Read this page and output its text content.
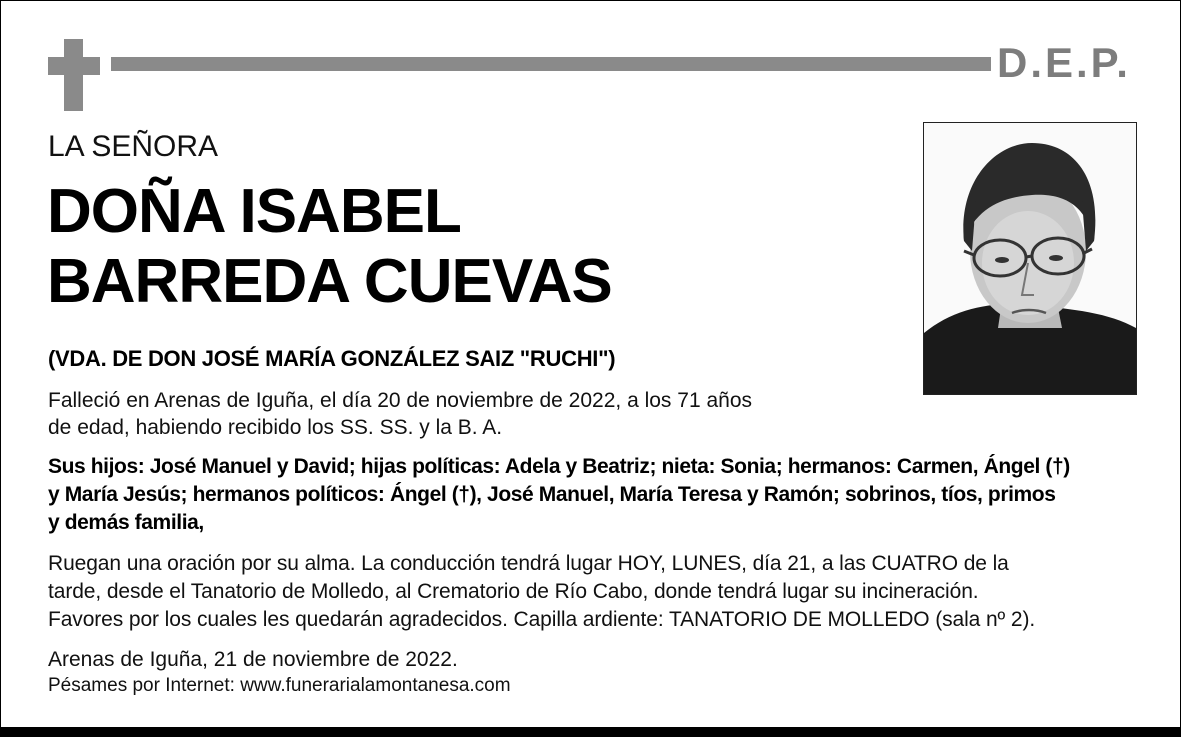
D.E.P.
LA SEÑORA
DOÑA ISABEL
BARREDA CUEVAS
(VDA. DE DON JOSÉ MARÍA GONZÁLEZ SAIZ "RUCHI")
Falleció en Arenas de Iguña, el día 20 de noviembre de 2022, a los 71 años
de edad, habiendo recibido los SS. SS. y la B. A.
Sus hijos: José Manuel y David; hijas políticas: Adela y Beatriz; nieta: Sonia; hermanos: Carmen, Ángel (†)
y María Jesús; hermanos políticos: Ángel (†), José Manuel, María Teresa y Ramón; sobrinos, tíos, primos
y demás familia,
Ruegan una oración por su alma. La conducción tendrá lugar HOY, LUNES, día 21, a las CUATRO de la
tarde, desde el Tanatorio de Molledo, al Crematorio de Río Cabo, donde tendrá lugar su incineración.
Favores por los cuales les quedarán agradecidos. Capilla ardiente: TANATORIO DE MOLLEDO (sala nº 2).
Arenas de Iguña, 21 de noviembre de 2022.
Pésames por Internet: www.funerarialamontanesa.com
